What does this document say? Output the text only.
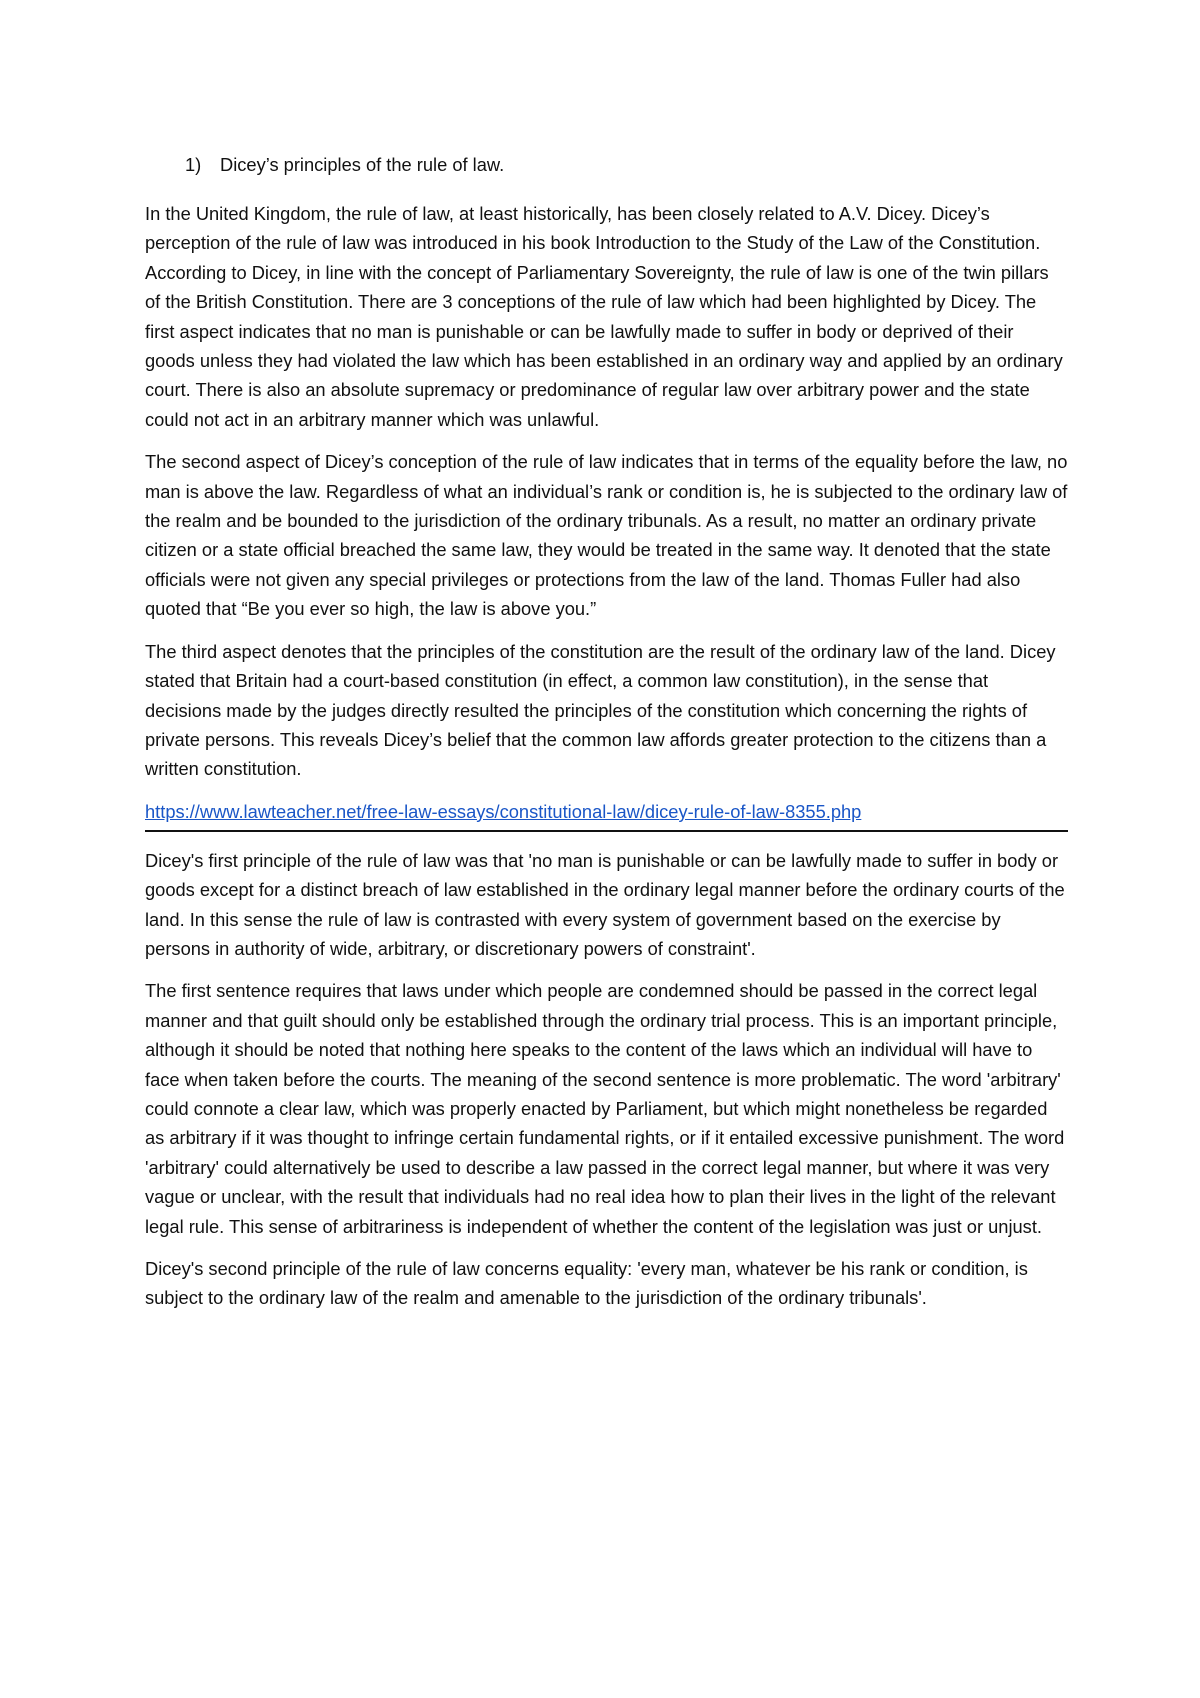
1)	Dicey’s principles of the rule of law.

In the United Kingdom, the rule of law, at least historically, has been closely related to A.V. Dicey. Dicey’s perception of the rule of law was introduced in his book Introduction to the Study of the Law of the Constitution. According to Dicey, in line with the concept of Parliamentary Sovereignty, the rule of law is one of the twin pillars of the British Constitution. There are 3 conceptions of the rule of law which had been highlighted by Dicey. The first aspect indicates that no man is punishable or can be lawfully made to suffer in body or deprived of their goods unless they had violated the law which has been established in an ordinary way and applied by an ordinary court. There is also an absolute supremacy or predominance of regular law over arbitrary power and the state could not act in an arbitrary manner which was unlawful.

The second aspect of Dicey’s conception of the rule of law indicates that in terms of the equality before the law, no man is above the law. Regardless of what an individual’s rank or condition is, he is subjected to the ordinary law of the realm and be bounded to the jurisdiction of the ordinary tribunals. As a result, no matter an ordinary private citizen or a state official breached the same law, they would be treated in the same way. It denoted that the state officials were not given any special privileges or protections from the law of the land. Thomas Fuller had also quoted that “Be you ever so high, the law is above you.”

The third aspect denotes that the principles of the constitution are the result of the ordinary law of the land. Dicey stated that Britain had a court-based constitution (in effect, a common law constitution), in the sense that decisions made by the judges directly resulted the principles of the constitution which concerning the rights of private persons. This reveals Dicey’s belief that the common law affords greater protection to the citizens than a written constitution.

https://www.lawteacher.net/free-law-essays/constitutional-law/dicey-rule-of-law-8355.php

Dicey's first principle of the rule of law was that 'no man is punishable or can be lawfully made to suffer in body or goods except for a distinct breach of law established in the ordinary legal manner before the ordinary courts of the land. In this sense the rule of law is contrasted with every system of government based on the exercise by persons in authority of wide, arbitrary, or discretionary powers of constraint'.

The first sentence requires that laws under which people are condemned should be passed in the correct legal manner and that guilt should only be established through the ordinary trial process. This is an important principle, although it should be noted that nothing here speaks to the content of the laws which an individual will have to face when taken before the courts. The meaning of the second sentence is more problematic. The word 'arbitrary' could connote a clear law, which was properly enacted by Parliament, but which might nonetheless be regarded as arbitrary if it was thought to infringe certain fundamental rights, or if it entailed excessive punishment. The word 'arbitrary' could alternatively be used to describe a law passed in the correct legal manner, but where it was very vague or unclear, with the result that individuals had no real idea how to plan their lives in the light of the relevant legal rule. This sense of arbitrariness is independent of whether the content of the legislation was just or unjust.

Dicey's second principle of the rule of law concerns equality: 'every man, whatever be his rank or condition, is subject to the ordinary law of the realm and amenable to the jurisdiction of the ordinary tribunals'.
